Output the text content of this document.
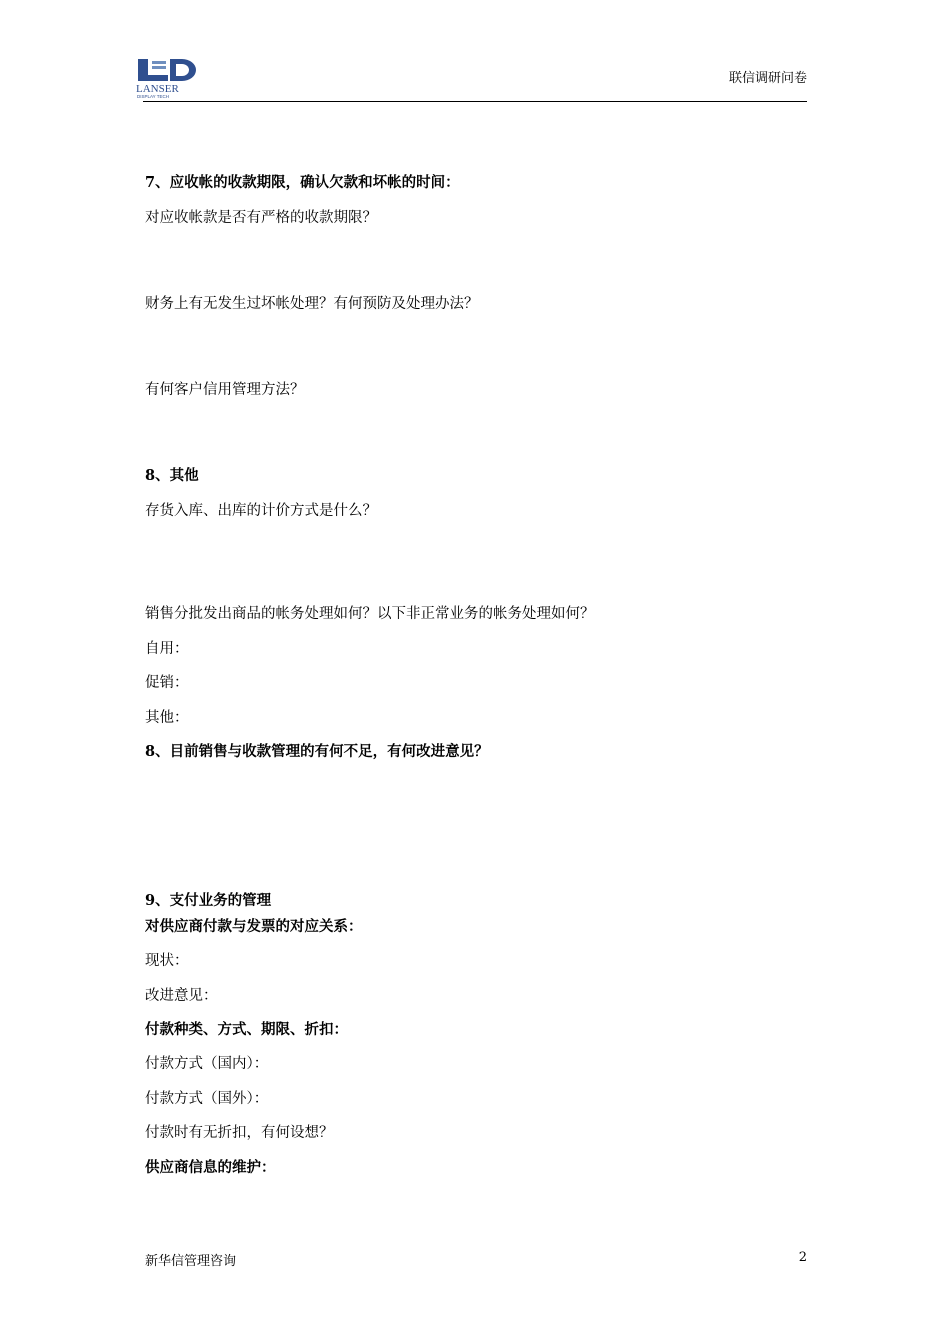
LANSER
DISPLAY TECH
联信调研问卷
7、应收帐的收款期限，确认欠款和坏帐的时间：
对应收帐款是否有严格的收款期限？
财务上有无发生过坏帐处理？有何预防及处理办法？
有何客户信用管理方法？
8、其他
存货入库、出库的计价方式是什么？
销售分批发出商品的帐务处理如何？以下非正常业务的帐务处理如何？
自用：
促销：
其他：
8、目前销售与收款管理的有何不足，有何改进意见？
9、支付业务的管理
对供应商付款与发票的对应关系：
现状：
改进意见：
付款种类、方式、期限、折扣：
付款方式（国内）：
付款方式（国外）：
付款时有无折扣，有何设想？
供应商信息的维护：
新华信管理咨询	2
